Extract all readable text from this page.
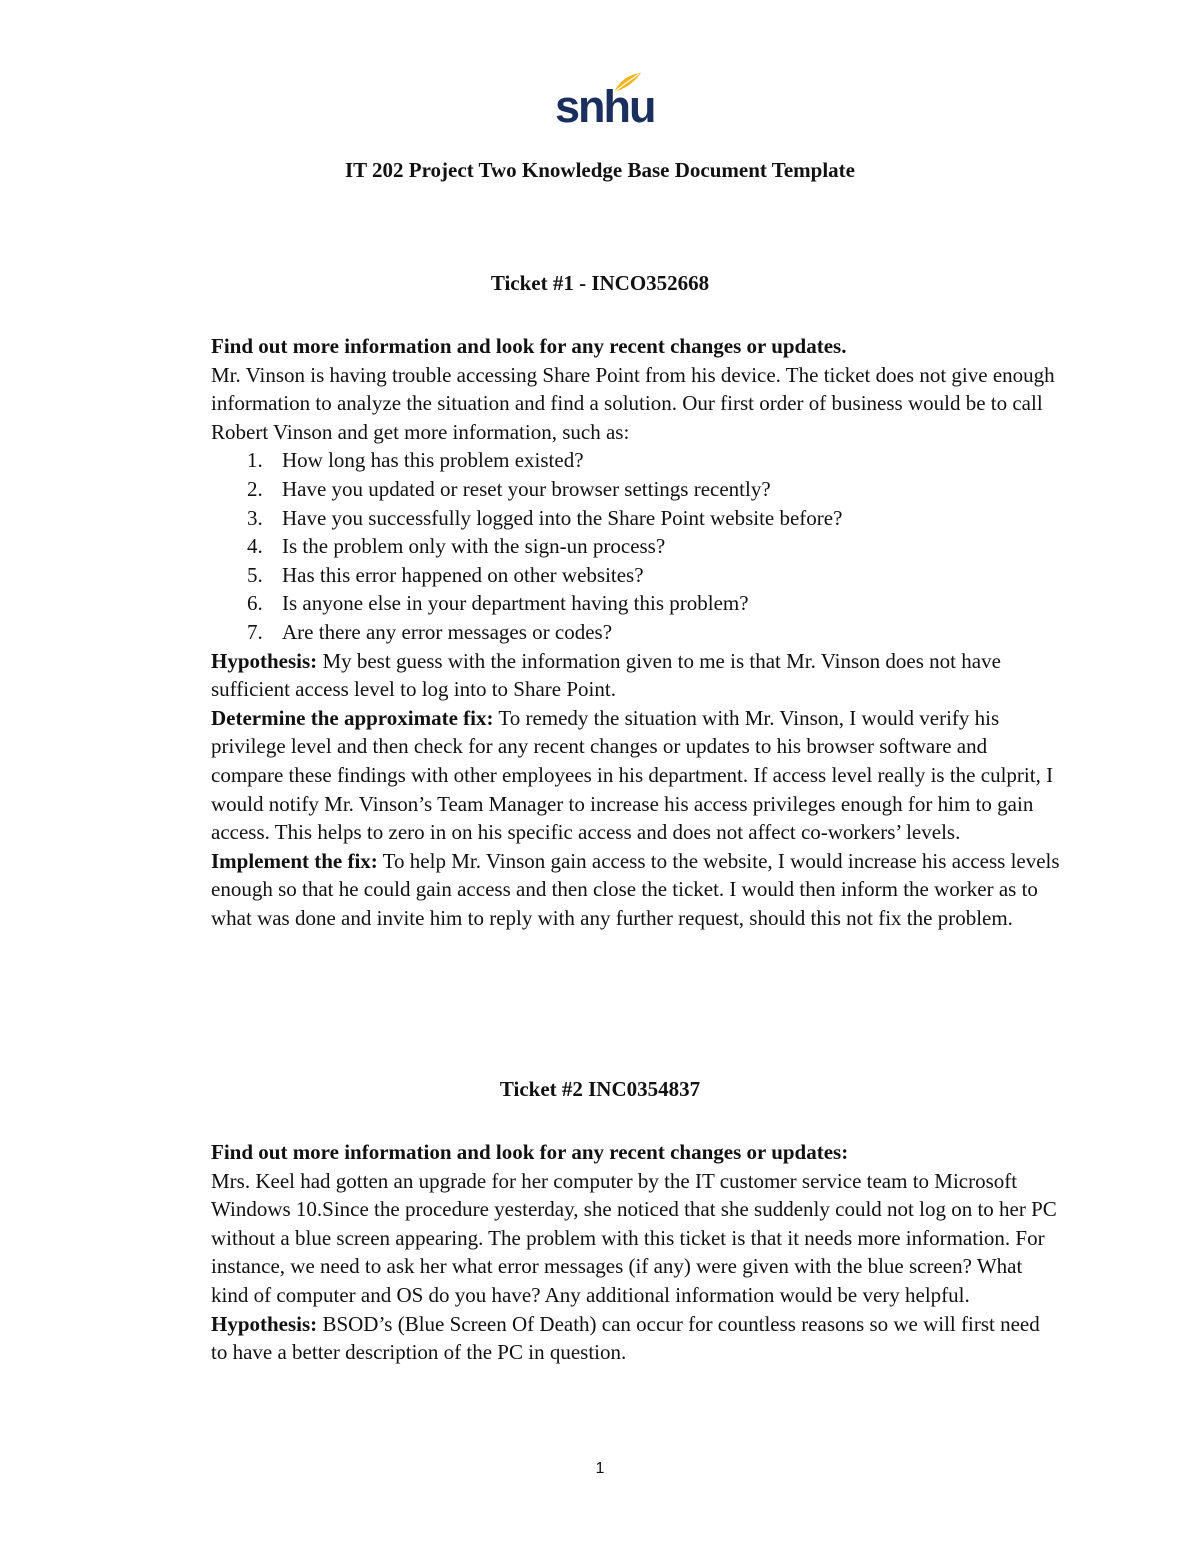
snhu
IT 202 Project Two Knowledge Base Document Template
Ticket #1 - INCO352668

Find out more information and look for any recent changes or updates.

Mr. Vinson is having trouble accessing Share Point from his device. The ticket does not give enough information to analyze the situation and find a solution. Our first order of business would be to call Robert Vinson and get more information, such as:

1. How long has this problem existed?
2. Have you updated or reset your browser settings recently?
3. Have you successfully logged into the Share Point website before?
4. Is the problem only with the sign-un process?
5. Has this error happened on other websites?
6. Is anyone else in your department having this problem?
7. Are there any error messages or codes?

Hypothesis: My best guess with the information given to me is that Mr. Vinson does not have sufficient access level to log into to Share Point.

Determine the approximate fix: To remedy the situation with Mr. Vinson, I would verify his privilege level and then check for any recent changes or updates to his browser software and compare these findings with other employees in his department. If access level really is the culprit, I would notify Mr. Vinson’s Team Manager to increase his access privileges enough for him to gain access. This helps to zero in on his specific access and does not affect co-workers’ levels.

Implement the fix: To help Mr. Vinson gain access to the website, I would increase his access levels enough so that he could gain access and then close the ticket. I would then inform the worker as to what was done and invite him to reply with any further request, should this not fix the problem.

Ticket #2 INC0354837

Find out more information and look for any recent changes or updates:

Mrs. Keel had gotten an upgrade for her computer by the IT customer service team to Microsoft Windows 10.Since the procedure yesterday, she noticed that she suddenly could not log on to her PC without a blue screen appearing. The problem with this ticket is that it needs more information. For instance, we need to ask her what error messages (if any) were given with the blue screen? What kind of computer and OS do you have? Any additional information would be very helpful.

Hypothesis: BSOD’s (Blue Screen Of Death) can occur for countless reasons so we will first need to have a better description of the PC in question.

1
